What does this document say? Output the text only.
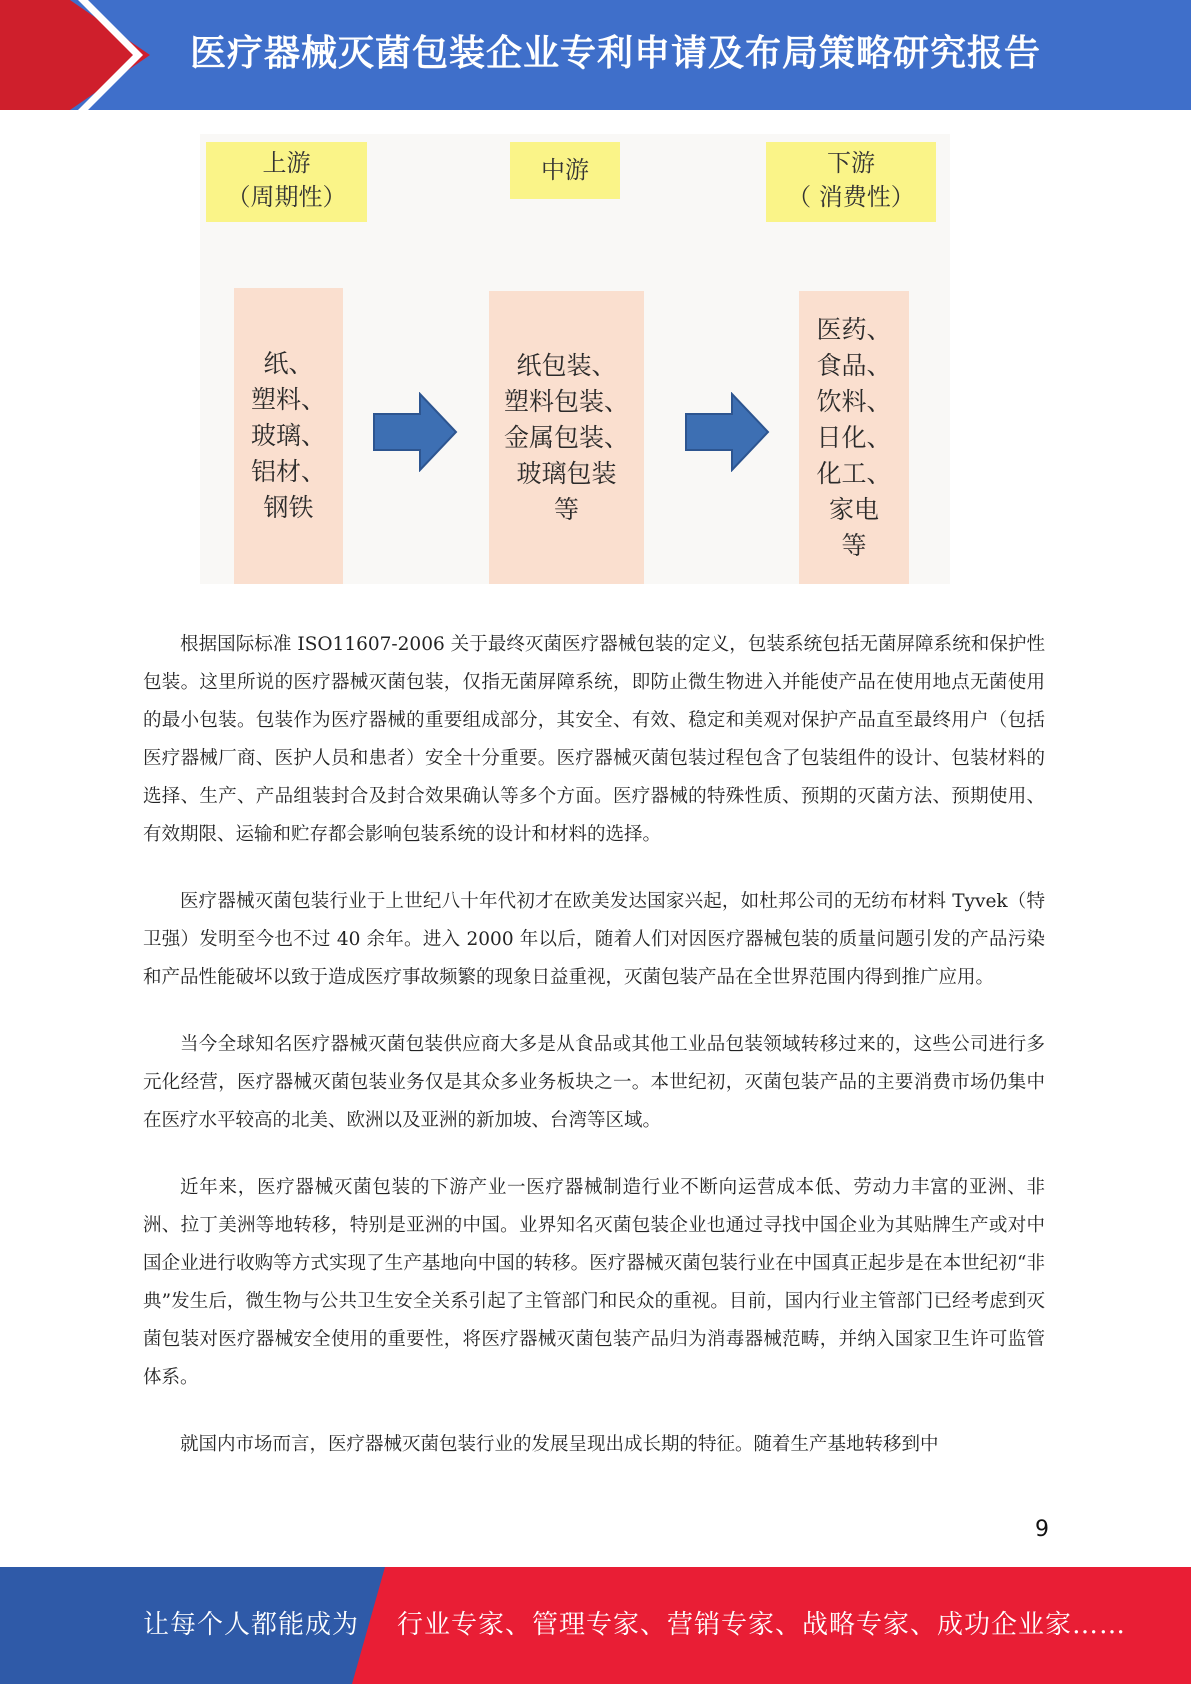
医疗器械灭菌包装企业专利申请及布局策略研究报告
上游
（周期性）
纸、
塑料、
玻璃、
铝材、
钢铁
中游
纸包装、
塑料包装、
金属包装、
玻璃包装
等
下游
（ 消费性）
医药、
食品、
饮料、
日化、
化工、
家电
等

根据国际标准 ISO11607-2006 关于最终灭菌医疗器械包装的定义，包装系统包括无菌屏障系统和保护性包装。这里所说的医疗器械灭菌包装，仅指无菌屏障系统，即防止微生物进入并能使产品在使用地点无菌使用的最小包装。包装作为医疗器械的重要组成部分，其安全、有效、稳定和美观对保护产品直至最终用户（包括医疗器械厂商、医护人员和患者）安全十分重要。医疗器械灭菌包装过程包含了包装组件的设计、包装材料的选择、生产、产品组装封合及封合效果确认等多个方面。医疗器械的特殊性质、预期的灭菌方法、预期使用、有效期限、运输和贮存都会影响包装系统的设计和材料的选择。

医疗器械灭菌包装行业于上世纪八十年代初才在欧美发达国家兴起，如杜邦公司的无纺布材料 Tyvek（特卫强）发明至今也不过 40 余年。进入 2000 年以后，随着人们对因医疗器械包装的质量问题引发的产品污染和产品性能破坏以致于造成医疗事故频繁的现象日益重视，灭菌包装产品在全世界范围内得到推广应用。

当今全球知名医疗器械灭菌包装供应商大多是从食品或其他工业品包装领域转移过来的，这些公司进行多元化经营，医疗器械灭菌包装业务仅是其众多业务板块之一。本世纪初，灭菌包装产品的主要消费市场仍集中在医疗水平较高的北美、欧洲以及亚洲的新加坡、台湾等区域。

近年来，医疗器械灭菌包装的下游产业一医疗器械制造行业不断向运营成本低、劳动力丰富的亚洲、非洲、拉丁美洲等地转移，特别是亚洲的中国。业界知名灭菌包装企业也通过寻找中国企业为其贴牌生产或对中国企业进行收购等方式实现了生产基地向中国的转移。医疗器械灭菌包装行业在中国真正起步是在本世纪初“非典”发生后，微生物与公共卫生安全关系引起了主管部门和民众的重视。目前，国内行业主管部门已经考虑到灭菌包装对医疗器械安全使用的重要性，将医疗器械灭菌包装产品归为消毒器械范畴，并纳入国家卫生许可监管体系。

就国内市场而言，医疗器械灭菌包装行业的发展呈现出成长期的特征。随着生产基地转移到中

9
让每个人都能成为 行业专家、管理专家、营销专家、战略专家、成功企业家……
